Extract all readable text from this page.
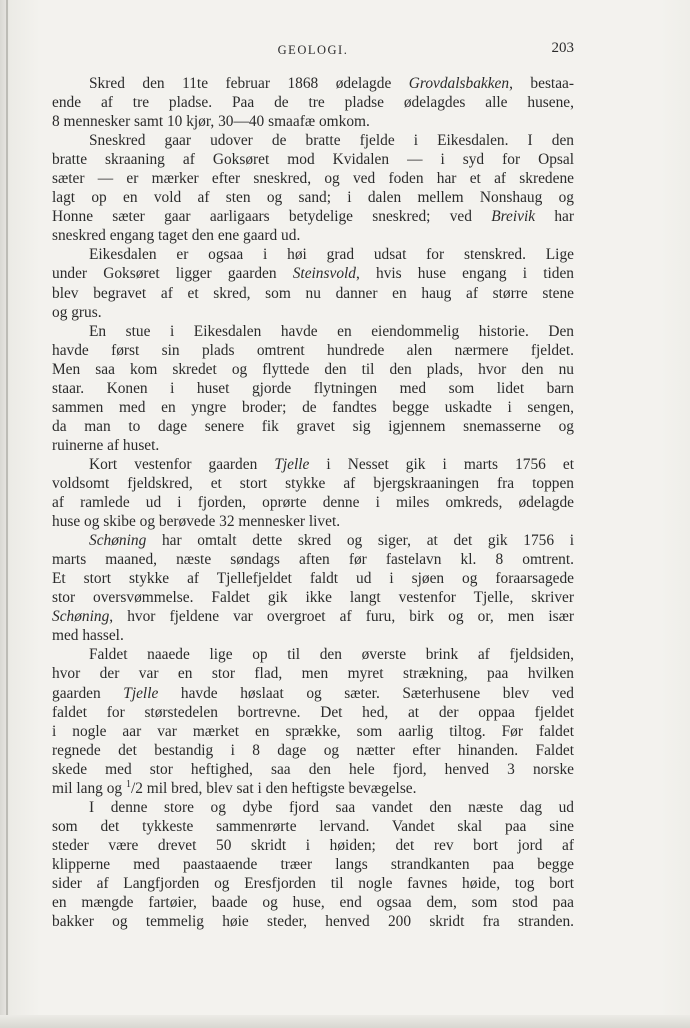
GEOLOGI.	203
Skred den 11te februar 1868 ødelagde Grovdalsbakken, bestaa-
ende af tre pladse. Paa de tre pladse ødelagdes alle husene,
8 mennesker samt 10 kjør, 30—40 smaafæ omkom.
Sneskred gaar udover de bratte fjelde i Eikesdalen. I den
bratte skraaning af Goksøret mod Kvidalen — i syd for Opsal
sæter — er mærker efter sneskred, og ved foden har et af skredene
lagt op en vold af sten og sand; i dalen mellem Nonshaug og
Honne sæter gaar aarligaars betydelige sneskred; ved Breivik har
sneskred engang taget den ene gaard ud.
Eikesdalen er ogsaa i høi grad udsat for stenskred. Lige
under Goksøret ligger gaarden Steinsvold, hvis huse engang i tiden
blev begravet af et skred, som nu danner en haug af større stene
og grus.
En stue i Eikesdalen havde en eiendommelig historie. Den
havde først sin plads omtrent hundrede alen nærmere fjeldet.
Men saa kom skredet og flyttede den til den plads, hvor den nu
staar. Konen i huset gjorde flytningen med som lidet barn
sammen med en yngre broder; de fandtes begge uskadte i sengen,
da man to dage senere fik gravet sig igjennem snemasserne og
ruinerne af huset.
Kort vestenfor gaarden Tjelle i Nesset gik i marts 1756 et
voldsomt fjeldskred, et stort stykke af bjergskraaningen fra toppen
af ramlede ud i fjorden, oprørte denne i miles omkreds, ødelagde
huse og skibe og berøvede 32 mennesker livet.
Schøning har omtalt dette skred og siger, at det gik 1756 i
marts maaned, næste søndags aften før fastelavn kl. 8 omtrent.
Et stort stykke af Tjellefjeldet faldt ud i sjøen og foraarsagede
stor oversvømmelse. Faldet gik ikke langt vestenfor Tjelle, skriver
Schøning, hvor fjeldene var overgroet af furu, birk og or, men især
med hassel.
Faldet naaede lige op til den øverste brink af fjeldsiden,
hvor der var en stor flad, men myret strækning, paa hvilken
gaarden Tjelle havde høslaat og sæter. Sæterhusene blev ved
faldet for størstedelen bortrevne. Det hed, at der oppaa fjeldet
i nogle aar var mærket en sprække, som aarlig tiltog. Før faldet
regnede det bestandig i 8 dage og nætter efter hinanden. Faldet
skede med stor heftighed, saa den hele fjord, henved 3 norske
mil lang og $^1$/2 mil bred, blev sat i den heftigste bevægelse.
I denne store og dybe fjord saa vandet den næste dag ud
som det tykkeste sammenrørte lervand. Vandet skal paa sine
steder være drevet 50 skridt i høiden; det rev bort jord af
klipperne med paastaaende træer langs strandkanten paa begge
sider af Langfjorden og Eresfjorden til nogle favnes høide, tog bort
en mængde fartøier, baade og huse, end ogsaa dem, som stod paa
bakker og temmelig høie steder, henved 200 skridt fra stranden.
